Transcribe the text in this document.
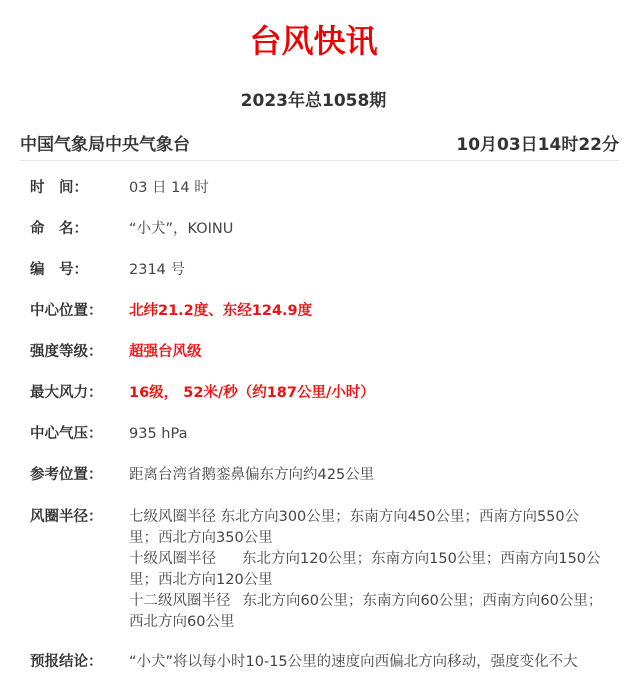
台风快讯
2023年总1058期
中国气象局中央气象台	10月03日14时22分
时　间：	03 日 14 时
命　名：	“小犬”，KOINU
编　号：	2314 号
中心位置：	北纬21.2度、东经124.9度
强度等级：	超强台风级
最大风力：	16级， 52米/秒（约187公里/小时）
中心气压：	935 hPa
参考位置：	距离台湾省鹅銮鼻偏东方向约425公里
风圈半径：	七级风圈半径 东北方向300公里；东南方向450公里；西南方向550公里；西北方向350公里
十级风圈半径 东北方向120公里；东南方向150公里；西南方向150公里；西北方向120公里
十二级风圈半径 东北方向60公里；东南方向60公里；西南方向60公里；西北方向60公里
预报结论：	“小犬”将以每小时10-15公里的速度向西偏北方向移动，强度变化不大
